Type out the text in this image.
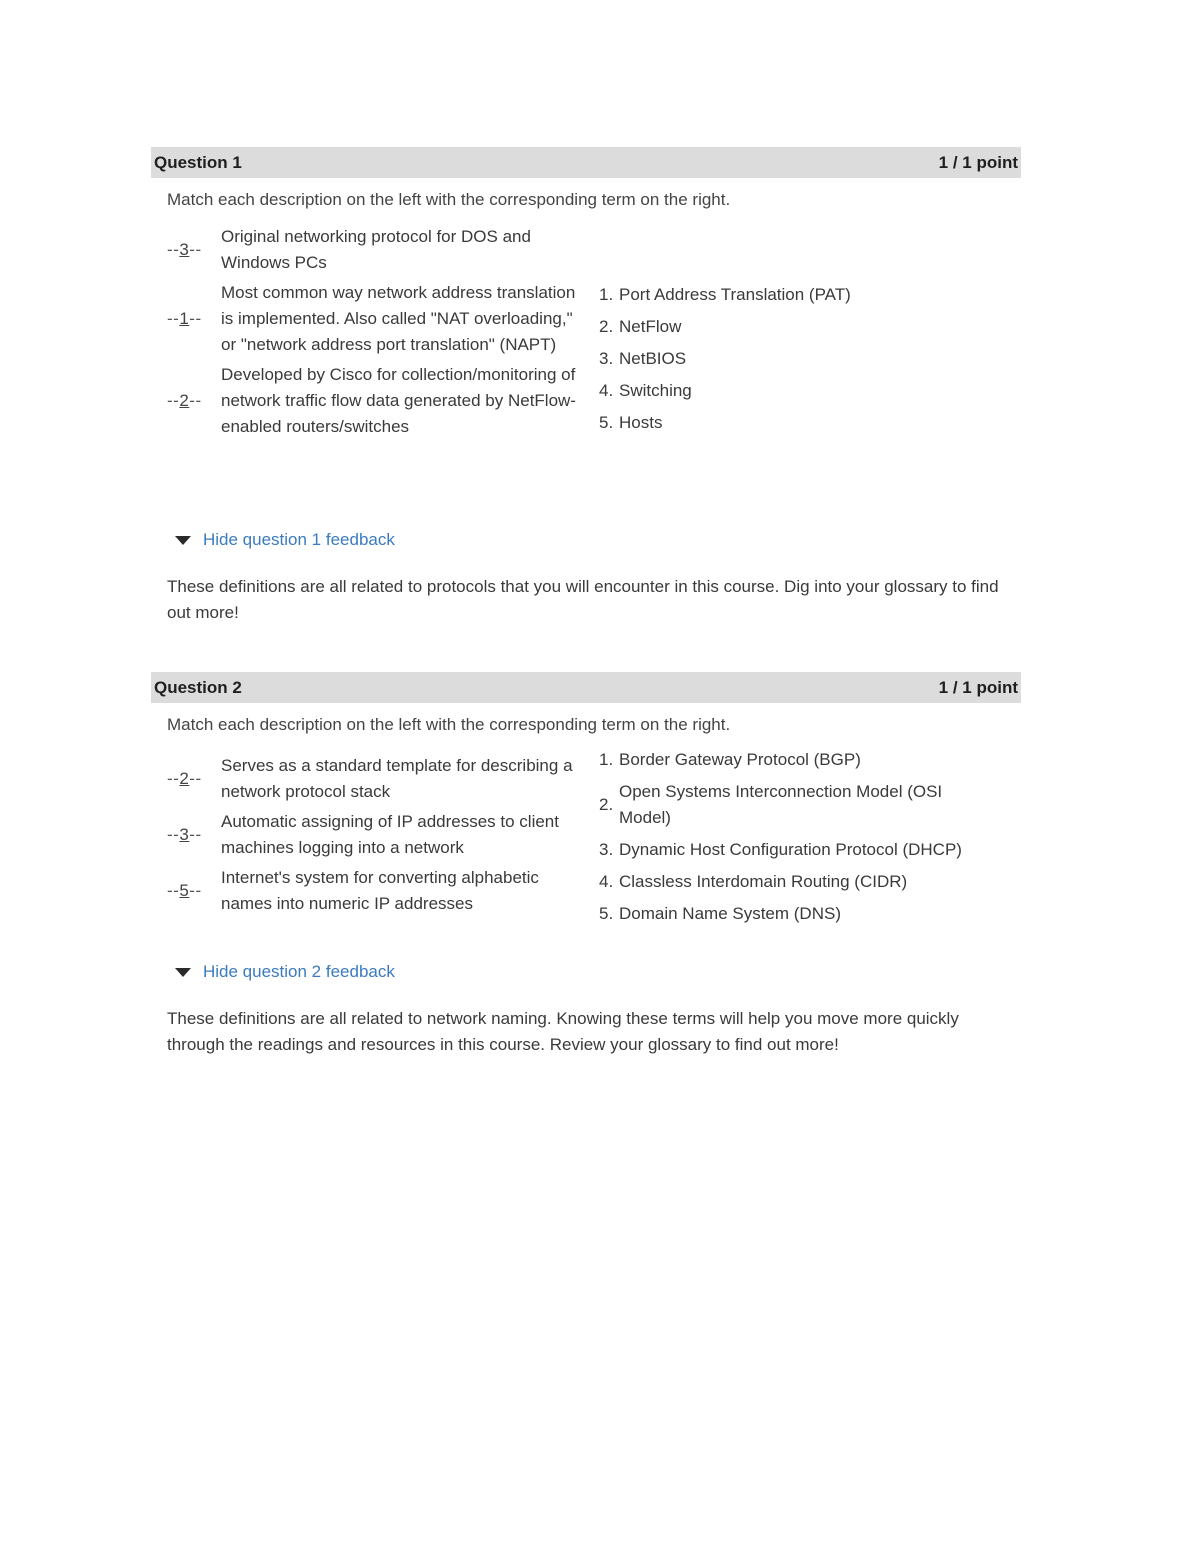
Question 1	1 / 1 point
Match each description on the left with the corresponding term on the right.
--3--
Original networking protocol for DOS and Windows PCs
--1--
Most common way network address translation is implemented. Also called "NAT overloading," or "network address port translation" (NAPT)
--2--
Developed by Cisco for collection/monitoring of network traffic flow data generated by NetFlow-enabled routers/switches
1. Port Address Translation (PAT)
2. NetFlow
3. NetBIOS
4. Switching
5. Hosts
Hide question 1 feedback
These definitions are all related to protocols that you will encounter in this course. Dig into your glossary to find out more!
Question 2	1 / 1 point
Match each description on the left with the corresponding term on the right.
--2--
Serves as a standard template for describing a network protocol stack
--3--
Automatic assigning of IP addresses to client machines logging into a network
--5--
Internet's system for converting alphabetic names into numeric IP addresses
1. Border Gateway Protocol (BGP)
2.
Open Systems Interconnection Model (OSI Model)
3. Dynamic Host Configuration Protocol (DHCP)
4. Classless Interdomain Routing (CIDR)
5. Domain Name System (DNS)
Hide question 2 feedback
These definitions are all related to network naming. Knowing these terms will help you move more quickly through the readings and resources in this course. Review your glossary to find out more!
